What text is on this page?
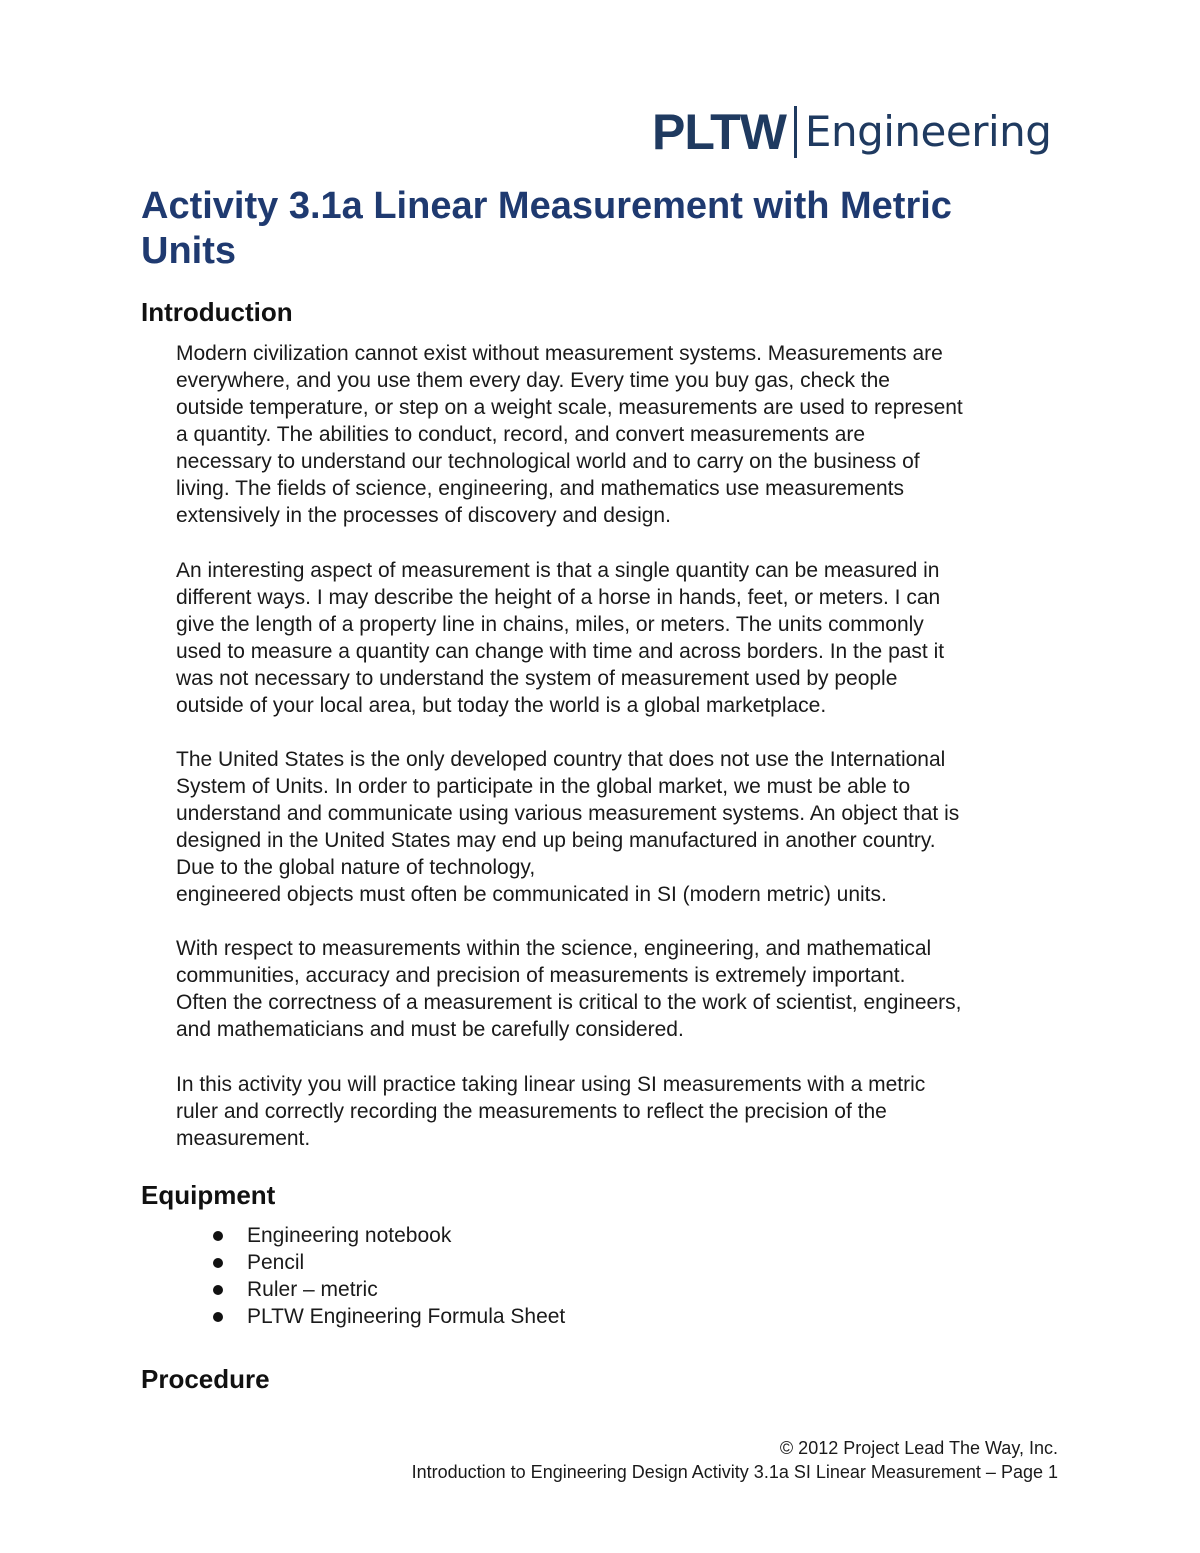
PLTW Engineering
Activity 3.1a Linear Measurement with Metric
Units
Introduction

Modern civilization cannot exist without measurement systems. Measurements are
everywhere, and you use them every day. Every time you buy gas, check the
outside temperature, or step on a weight scale, measurements are used to represent
a quantity. The abilities to conduct, record, and convert measurements are
necessary to understand our technological world and to carry on the business of
living. The fields of science, engineering, and mathematics use measurements
extensively in the processes of discovery and design.

An interesting aspect of measurement is that a single quantity can be measured in
different ways. I may describe the height of a horse in hands, feet, or meters. I can
give the length of a property line in chains, miles, or meters. The units commonly
used to measure a quantity can change with time and across borders. In the past it
was not necessary to understand the system of measurement used by people
outside of your local area, but today the world is a global marketplace.

The United States is the only developed country that does not use the International
System of Units. In order to participate in the global market, we must be able to
understand and communicate using various measurement systems. An object that is
designed in the United States may end up being manufactured in another country.
Due to the global nature of technology,
engineered objects must often be communicated in SI (modern metric) units.

With respect to measurements within the science, engineering, and mathematical
communities, accuracy and precision of measurements is extremely important.
Often the correctness of a measurement is critical to the work of scientist, engineers,
and mathematicians and must be carefully considered.

In this activity you will practice taking linear using SI measurements with a metric
ruler and correctly recording the measurements to reflect the precision of the
measurement.

Equipment
Engineering notebook
Pencil
Ruler – metric
PLTW Engineering Formula Sheet
Procedure
© 2012 Project Lead The Way, Inc.
Introduction to Engineering Design Activity 3.1a SI Linear Measurement – Page 1
